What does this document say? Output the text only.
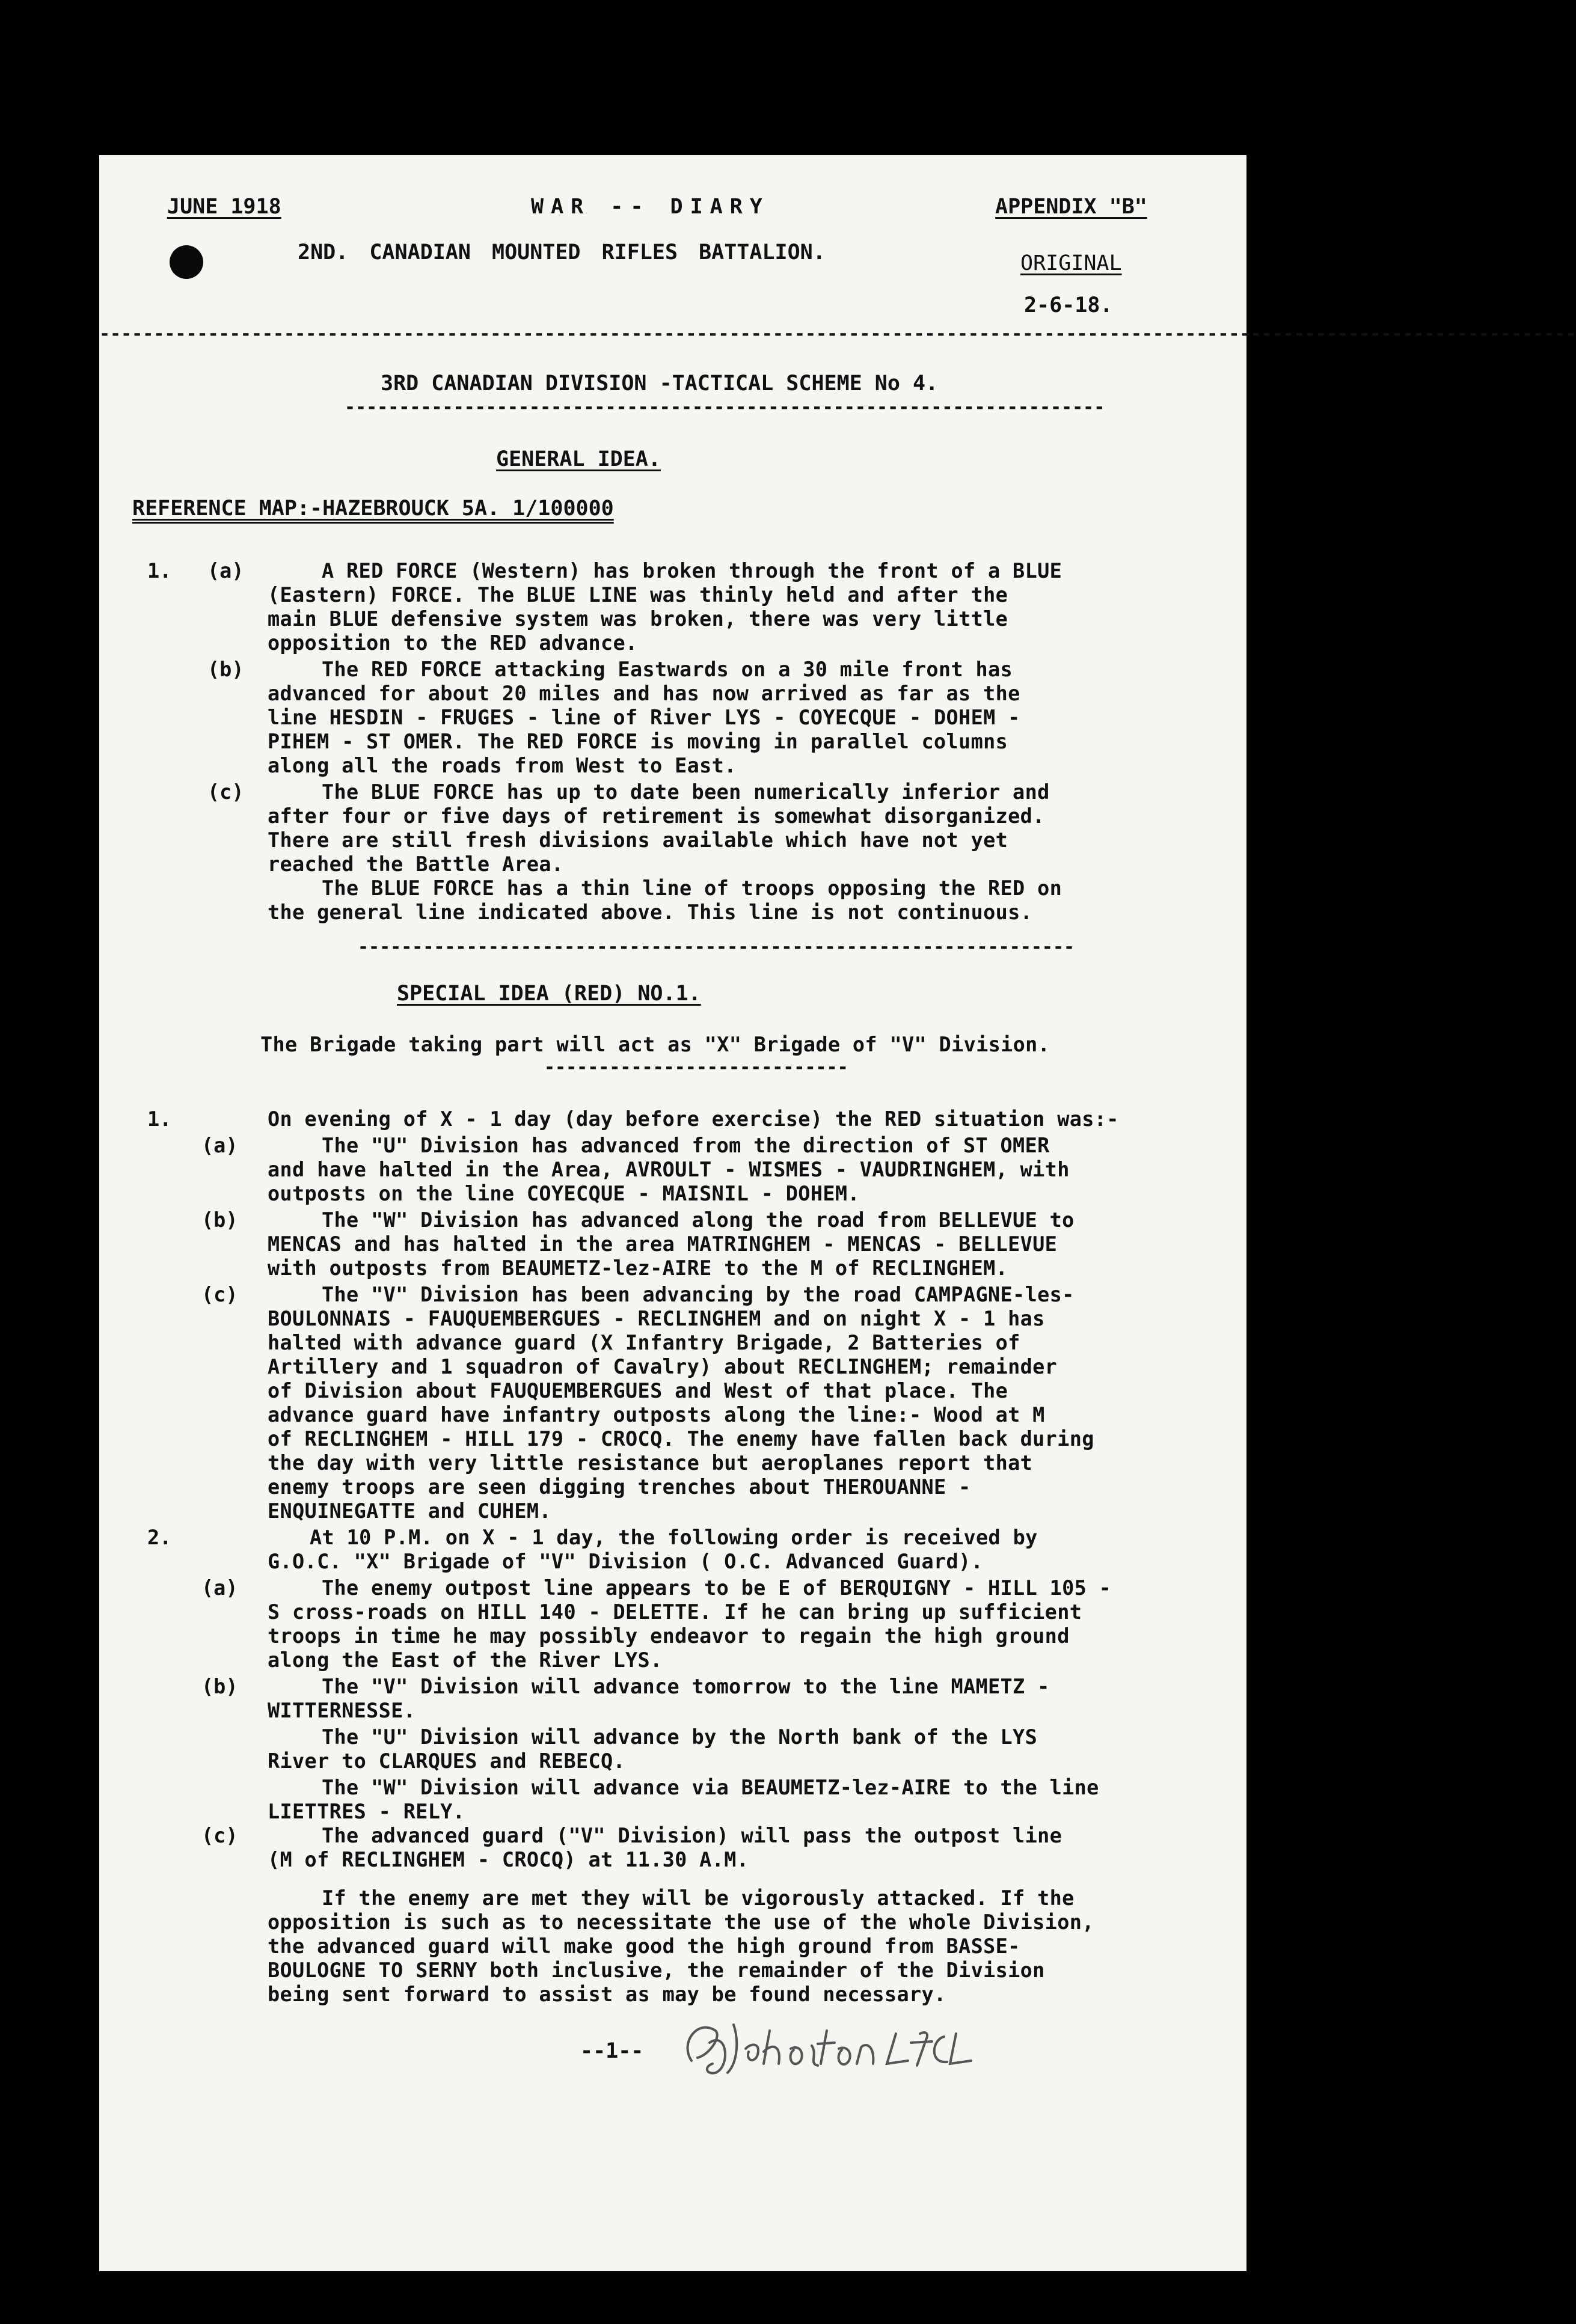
JUNE 1918	WAR -- DIARY	APPENDIX "B"
2ND. CANADIAN MOUNTED RIFLES BATTALION.	ORIGINAL
2-6-18.
----------------------------------------------------------------------------------------------------------------------------------------
3RD CANADIAN DIVISION -TACTICAL SCHEME No 4.
----------------------------------------------------------------------
GENERAL IDEA.
REFERENCE MAP:-HAZEBROUCK 5A. 1/100000
1. (a)	A RED FORCE (Western) has broken through the front of a BLUE
(Eastern) FORCE. The BLUE LINE was thinly held and after the
main BLUE defensive system was broken, there was very little
opposition to the RED advance.
(b)	The RED FORCE attacking Eastwards on a 30 mile front has
advanced for about 20 miles and has now arrived as far as the
line HESDIN - FRUGES - line of River LYS - COYECQUE - DOHEM -
PIHEM - ST OMER. The RED FORCE is moving in parallel columns
along all the roads from West to East.
(c)	The BLUE FORCE has up to date been numerically inferior and
after four or five days of retirement is somewhat disorganized.
There are still fresh divisions available which have not yet
reached the Battle Area.
The BLUE FORCE has a thin line of troops opposing the RED on
the general line indicated above. This line is not continuous.
------------------------------------------------------------------
SPECIAL IDEA (RED) NO.1.
The Brigade taking part will act as "X" Brigade of "V" Division.
----------------------------
1.	On evening of X - 1 day (day before exercise) the RED situation was:-
(a)	The "U" Division has advanced from the direction of ST OMER
and have halted in the Area, AVROULT - WISMES - VAUDRINGHEM, with
outposts on the line COYECQUE - MAISNIL - DOHEM.
(b)	The "W" Division has advanced along the road from BELLEVUE to
MENCAS and has halted in the area MATRINGHEM - MENCAS - BELLEVUE
with outposts from BEAUMETZ-lez-AIRE to the M of RECLINGHEM.
(c)	The "V" Division has been advancing by the road CAMPAGNE-les-
BOULONNAIS - FAUQUEMBERGUES - RECLINGHEM and on night X - 1 has
halted with advance guard (X Infantry Brigade, 2 Batteries of
Artillery and 1 squadron of Cavalry) about RECLINGHEM; remainder
of Division about FAUQUEMBERGUES and West of that place. The
advance guard have infantry outposts along the line:- Wood at M
of RECLINGHEM - HILL 179 - CROCQ. The enemy have fallen back during
the day with very little resistance but aeroplanes report that
enemy troops are seen digging trenches about THEROUANNE -
ENQUINEGATTE and CUHEM.
2.	At 10 P.M. on X - 1 day, the following order is received by
G.O.C. "X" Brigade of "V" Division ( O.C. Advanced Guard).
(a)	The enemy outpost line appears to be E of BERQUIGNY - HILL 105 -
S cross-roads on HILL 140 - DELETTE. If he can bring up sufficient
troops in time he may possibly endeavor to regain the high ground
along the East of the River LYS.
(b)	The "V" Division will advance tomorrow to the line MAMETZ -
WITTERNESSE.
The "U" Division will advance by the North bank of the LYS
River to CLARQUES and REBECQ.
The "W" Division will advance via BEAUMETZ-lez-AIRE to the line
LIETTRES - RELY.
(c)	The advanced guard ("V" Division) will pass the outpost line
(M of RECLINGHEM - CROCQ) at 11.30 A.M.
If the enemy are met they will be vigorously attacked. If the
opposition is such as to necessitate the use of the whole Division,
the advanced guard will make good the high ground from BASSE-
BOULOGNE TO SERNY both inclusive, the remainder of the Division
being sent forward to assist as may be found necessary.
--1--
